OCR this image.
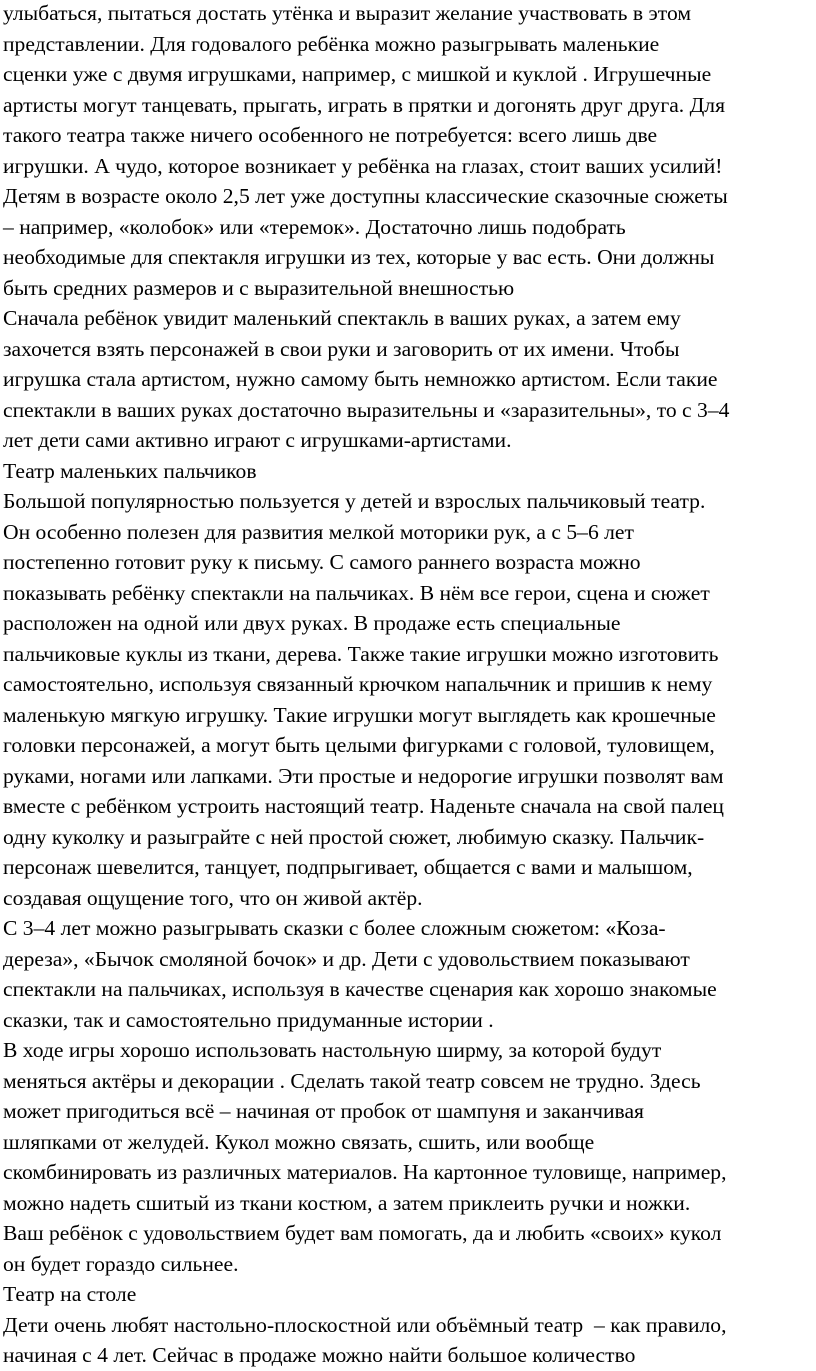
улыбаться, пытаться достать утёнка и выразит желание участвовать в этом
представлении. Для годовалого ребёнка можно разыгрывать маленькие
сценки уже с двумя игрушками, например, с мишкой и куклой . Игрушечные
артисты могут танцевать, прыгать, играть в прятки и догонять друг друга. Для
такого театра также ничего особенного не потребуется: всего лишь две
игрушки. А чудо, которое возникает у ребёнка на глазах, стоит ваших усилий!
Детям в возрасте около 2,5 лет уже доступны классические сказочные сюжеты
– например, «колобок» или «теремок». Достаточно лишь подобрать
необходимые для спектакля игрушки из тех, которые у вас есть. Они должны
быть средних размеров и с выразительной внешностью
Сначала ребёнок увидит маленький спектакль в ваших руках, а затем ему
захочется взять персонажей в свои руки и заговорить от их имени. Чтобы
игрушка стала артистом, нужно самому быть немножко артистом. Если такие
спектакли в ваших руках достаточно выразительны и «заразительны», то с 3–4
лет дети сами активно играют с игрушками-артистами.
Театр маленьких пальчиков
Большой популярностью пользуется у детей и взрослых пальчиковый театр.
Он особенно полезен для развития мелкой моторики рук, а с 5–6 лет
постепенно готовит руку к письму. С самого раннего возраста можно
показывать ребёнку спектакли на пальчиках. В нём все герои, сцена и сюжет
расположен на одной или двух руках. В продаже есть специальные
пальчиковые куклы из ткани, дерева. Также такие игрушки можно изготовить
самостоятельно, используя связанный крючком напальчник и пришив к нему
маленькую мягкую игрушку. Такие игрушки могут выглядеть как крошечные
головки персонажей, а могут быть целыми фигурками с головой, туловищем,
руками, ногами или лапками. Эти простые и недорогие игрушки позволят вам
вместе с ребёнком устроить настоящий театр. Наденьте сначала на свой палец
одну куколку и разыграйте с ней простой сюжет, любимую сказку. Пальчик-
персонаж шевелится, танцует, подпрыгивает, общается с вами и малышом,
создавая ощущение того, что он живой актёр.
С 3–4 лет можно разыгрывать сказки с более сложным сюжетом: «Коза-
дереза», «Бычок смоляной бочок» и др. Дети с удовольствием показывают
спектакли на пальчиках, используя в качестве сценария как хорошо знакомые
сказки, так и самостоятельно придуманные истории .
В ходе игры хорошо использовать настольную ширму, за которой будут
меняться актёры и декорации . Сделать такой театр совсем не трудно. Здесь
может пригодиться всё – начиная от пробок от шампуня и заканчивая
шляпками от желудей. Кукол можно связать, сшить, или вообще
скомбинировать из различных материалов. На картонное туловище, например,
можно надеть сшитый из ткани костюм, а затем приклеить ручки и ножки.
Ваш ребёнок с удовольствием будет вам помогать, да и любить «своих» кукол
он будет гораздо сильнее.
Театр на столе
Дети очень любят настольно-плоскостной или объёмный театр  – как правило,
начиная с 4 лет. Сейчас в продаже можно найти большое количество
